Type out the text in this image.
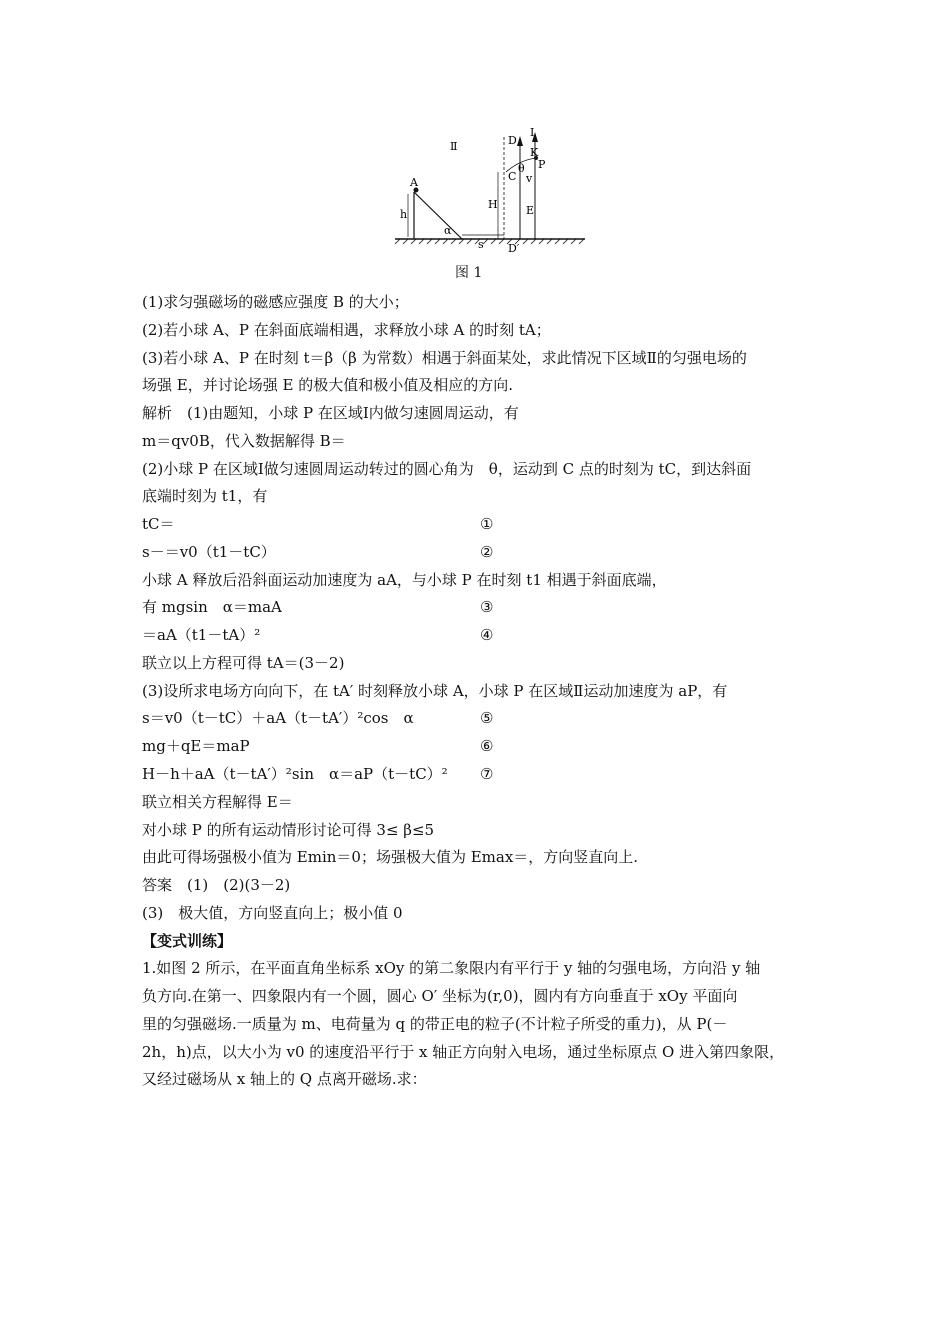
Ⅱ
Ⅰ
A
h
α
s
H
C
D
D′
K
P
θ
v
E
图 1
(1)求匀强磁场的磁感应强度 B 的大小；
(2)若小球 A、P 在斜面底端相遇，求释放小球 A 的时刻 tA；
(3)若小球 A、P 在时刻 t＝β（β 为常数）相遇于斜面某处，求此情况下区域Ⅱ的匀强电场的
场强 E，并讨论场强 E 的极大值和极小值及相应的方向.
解析　(1)由题知，小球 P 在区域Ⅰ内做匀速圆周运动，有
m＝qv0B，代入数据解得 B＝
(2)小球 P 在区域Ⅰ做匀速圆周运动转过的圆心角为　θ，运动到 C 点的时刻为 tC，到达斜面
底端时刻为 t1，有
tC＝	①
s－＝v0（t1－tC）	②
小球 A 释放后沿斜面运动加速度为 aA，与小球 P 在时刻 t1 相遇于斜面底端，
有 mgsin　α＝maA	③
＝aA（t1－tA）²	④
联立以上方程可得 tA＝(3－2)
(3)设所求电场方向向下，在 tA′ 时刻释放小球 A，小球 P 在区域Ⅱ运动加速度为 aP，有
s＝v0（t－tC）＋aA（t－tA′）²cos　α	⑤
mg＋qE＝maP	⑥
H－h＋aA（t－tA′）²sin　α＝aP（t－tC）² ⑦
联立相关方程解得 E＝
对小球 P 的所有运动情形讨论可得 3≤ β≤5
由此可得场强极小值为 Emin＝0；场强极大值为 Emax＝，方向竖直向上.
答案　(1)　(2)(3－2)
(3)　极大值，方向竖直向上；极小值 0
【变式训练】
1.如图 2 所示，在平面直角坐标系 xOy 的第二象限内有平行于 y 轴的匀强电场，方向沿 y 轴
负方向.在第一、四象限内有一个圆，圆心 O′ 坐标为(r,0)，圆内有方向垂直于 xOy 平面向
里的匀强磁场.一质量为 m、电荷量为 q 的带正电的粒子(不计粒子所受的重力)，从 P(－
2h，h)点，以大小为 v0 的速度沿平行于 x 轴正方向射入电场，通过坐标原点 O 进入第四象限，
又经过磁场从 x 轴上的 Q 点离开磁场.求：
